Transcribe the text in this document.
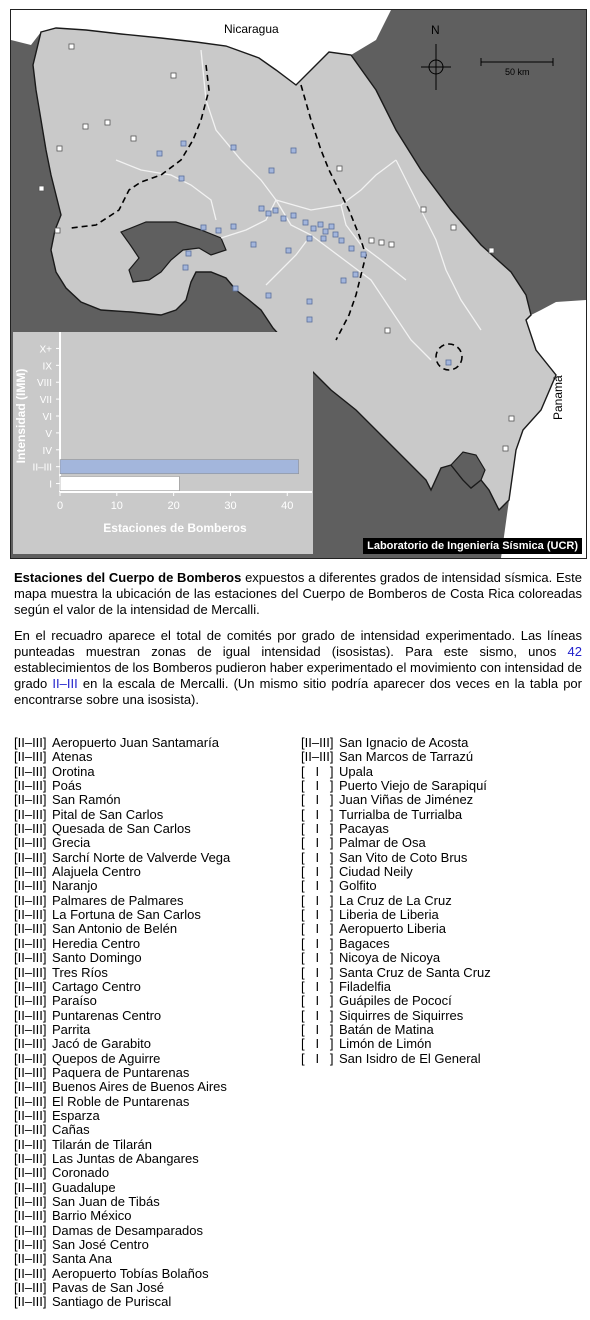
I
II–III
IV
V
VI
VII
VIII
IX
X+
0	10	20	30	40
Estaciones de Bomberos
Intensidad (IMM)
Nicaragua	N
50 km
Panamá
Laboratorio de Ingeniería Sísmica (UCR)

Estaciones del Cuerpo de Bomberos expuestos a diferentes grados de intensidad sísmica. Este mapa muestra la ubicación de las estaciones del Cuerpo de Bomberos de Costa Rica coloreadas según el valor de la intensidad de Mercalli.

En el recuadro aparece el total de comités por grado de intensidad experimentado. Las líneas punteadas muestran zonas de igual intensidad (isosistas). Para este sismo, unos 42 establecimientos de los Bomberos pudieron haber experimentado el movimiento con intensidad de grado II–III en la escala de Mercalli. (Un mismo sitio podría aparecer dos veces en la tabla por encontrarse sobre una isosista).

[II–III] Aeropuerto Juan Santamaría
[II–III] Atenas
[II–III] Orotina
[II–III] Poás
[II–III] San Ramón
[II–III] Pital de San Carlos
[II–III] Quesada de San Carlos
[II–III] Grecia
[II–III] Sarchí Norte de Valverde Vega
[II–III] Alajuela Centro
[II–III] Naranjo
[II–III] Palmares de Palmares
[II–III] La Fortuna de San Carlos
[II–III] San Antonio de Belén
[II–III] Heredia Centro
[II–III] Santo Domingo
[II–III] Tres Ríos
[II–III] Cartago Centro
[II–III] Paraíso
[II–III] Puntarenas Centro
[II–III] Parrita
[II–III] Jacó de Garabito
[II–III] Quepos de Aguirre
[II–III] Paquera de Puntarenas
[II–III] Buenos Aires de Buenos Aires
[II–III] El Roble de Puntarenas
[II–III] Esparza
[II–III] Cañas
[II–III] Tilarán de Tilarán
[II–III] Las Juntas de Abangares
[II–III] Coronado
[II–III] Guadalupe
[II–III] San Juan de Tibás
[II–III] Barrio México
[II–III] Damas de Desamparados
[II–III] San José Centro
[II–III] Santa Ana
[II–III] Aeropuerto Tobías Bolaños
[II–III] Pavas de San José
[II–III] Santiago de Puriscal
[II–III] San Ignacio de Acosta
[II–III] San Marcos de Tarrazú
[   I   ] Upala
[   I   ] Puerto Viejo de Sarapiquí
[   I   ] Juan Viñas de Jiménez
[   I   ] Turrialba de Turrialba
[   I   ] Pacayas
[   I   ] Palmar de Osa
[   I   ] San Vito de Coto Brus
[   I   ] Ciudad Neily
[   I   ] Golfito
[   I   ] La Cruz de La Cruz
[   I   ] Liberia de Liberia
[   I   ] Aeropuerto Liberia
[   I   ] Bagaces
[   I   ] Nicoya de Nicoya
[   I   ] Santa Cruz de Santa Cruz
[   I   ] Filadelfia
[   I   ] Guápiles de Pococí
[   I   ] Siquirres de Siquirres
[   I   ] Batán de Matina
[   I   ] Limón de Limón
[   I   ] San Isidro de El General
